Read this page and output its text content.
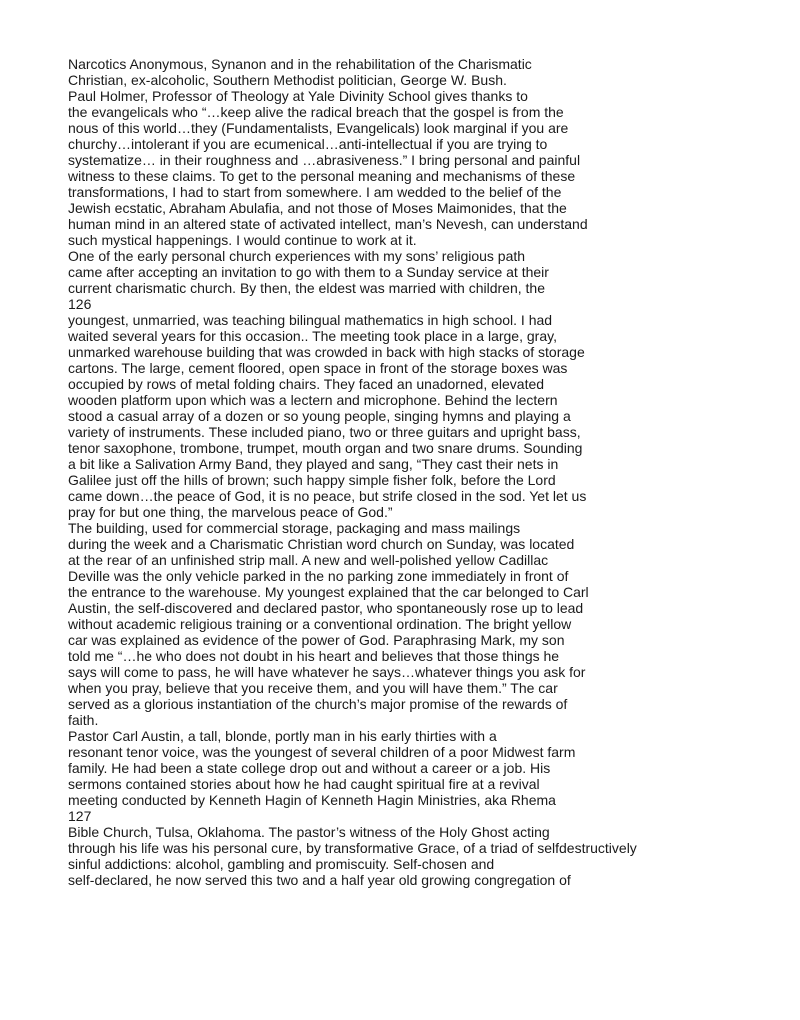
Narcotics Anonymous, Synanon and in the rehabilitation of the Charismatic
Christian, ex-alcoholic, Southern Methodist politician, George W. Bush.
Paul Holmer, Professor of Theology at Yale Divinity School gives thanks to
the evangelicals who “…keep alive the radical breach that the gospel is from the
nous of this world…they (Fundamentalists, Evangelicals) look marginal if you are
churchy…intolerant if you are ecumenical…anti-intellectual if you are trying to
systematize… in their roughness and …abrasiveness.” I bring personal and painful
witness to these claims. To get to the personal meaning and mechanisms of these
transformations, I had to start from somewhere. I am wedded to the belief of the
Jewish ecstatic, Abraham Abulafia, and not those of Moses Maimonides, that the
human mind in an altered state of activated intellect, man’s Nevesh, can understand
such mystical happenings. I would continue to work at it.
One of the early personal church experiences with my sons’ religious path
came after accepting an invitation to go with them to a Sunday service at their
current charismatic church. By then, the eldest was married with children, the
126
youngest, unmarried, was teaching bilingual mathematics in high school. I had
waited several years for this occasion.. The meeting took place in a large, gray,
unmarked warehouse building that was crowded in back with high stacks of storage
cartons. The large, cement floored, open space in front of the storage boxes was
occupied by rows of metal folding chairs. They faced an unadorned, elevated
wooden platform upon which was a lectern and microphone. Behind the lectern
stood a casual array of a dozen or so young people, singing hymns and playing a
variety of instruments. These included piano, two or three guitars and upright bass,
tenor saxophone, trombone, trumpet, mouth organ and two snare drums. Sounding
a bit like a Salivation Army Band, they played and sang, “They cast their nets in
Galilee just off the hills of brown; such happy simple fisher folk, before the Lord
came down…the peace of God, it is no peace, but strife closed in the sod. Yet let us
pray for but one thing, the marvelous peace of God.”
The building, used for commercial storage, packaging and mass mailings
during the week and a Charismatic Christian word church on Sunday, was located
at the rear of an unfinished strip mall. A new and well-polished yellow Cadillac
Deville was the only vehicle parked in the no parking zone immediately in front of
the entrance to the warehouse. My youngest explained that the car belonged to Carl
Austin, the self-discovered and declared pastor, who spontaneously rose up to lead
without academic religious training or a conventional ordination. The bright yellow
car was explained as evidence of the power of God. Paraphrasing Mark, my son
told me “…he who does not doubt in his heart and believes that those things he
says will come to pass, he will have whatever he says…whatever things you ask for
when you pray, believe that you receive them, and you will have them.” The car
served as a glorious instantiation of the church’s major promise of the rewards of
faith.
Pastor Carl Austin, a tall, blonde, portly man in his early thirties with a
resonant tenor voice, was the youngest of several children of a poor Midwest farm
family. He had been a state college drop out and without a career or a job. His
sermons contained stories about how he had caught spiritual fire at a revival
meeting conducted by Kenneth Hagin of Kenneth Hagin Ministries, aka Rhema
127
Bible Church, Tulsa, Oklahoma. The pastor’s witness of the Holy Ghost acting
through his life was his personal cure, by transformative Grace, of a triad of selfdestructively
sinful addictions: alcohol, gambling and promiscuity. Self-chosen and
self-declared, he now served this two and a half year old growing congregation of
